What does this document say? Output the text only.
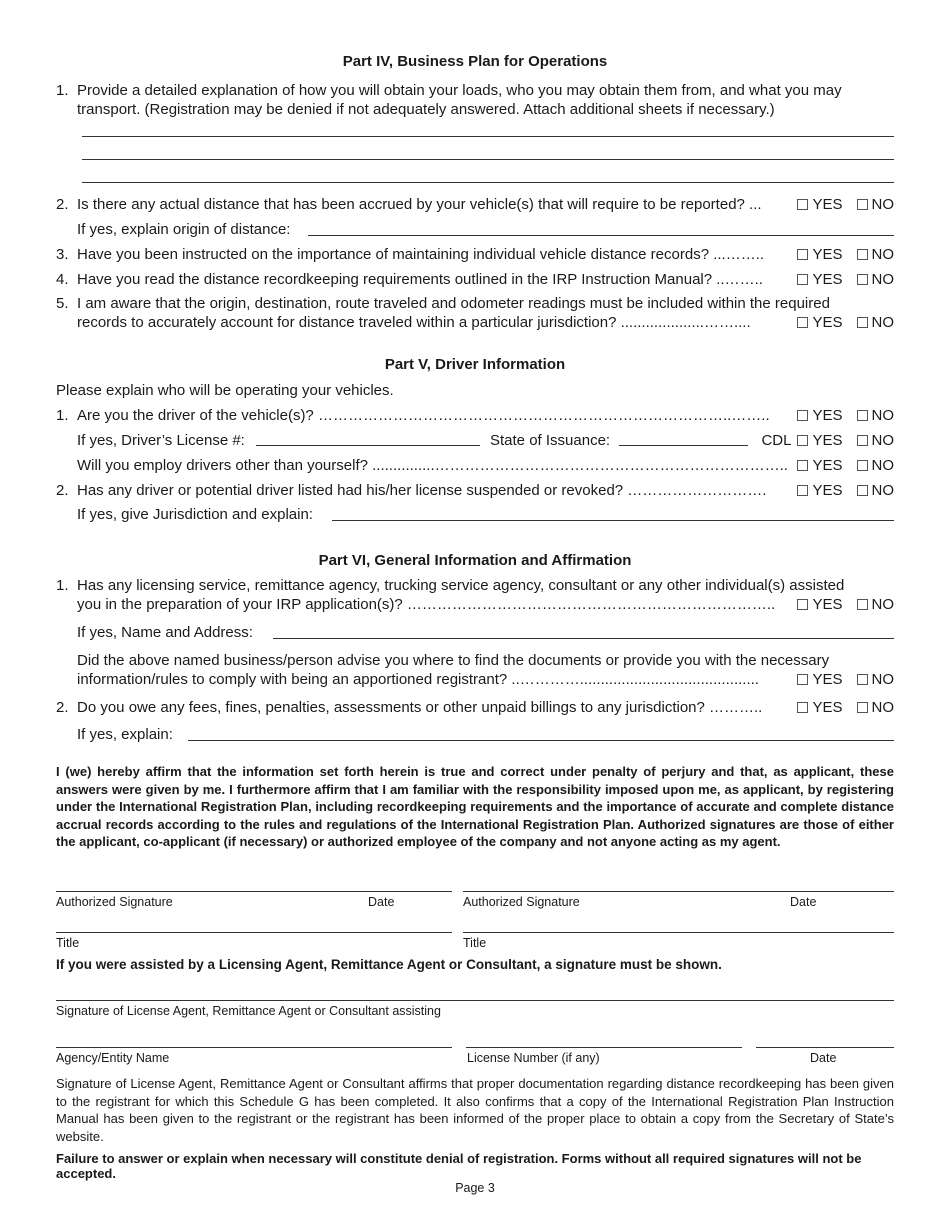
Part IV, Business Plan for Operations
1. Provide a detailed explanation of how you will obtain your loads, who you may obtain them from, and what you may transport. (Registration may be denied if not adequately answered. Attach additional sheets if necessary.)
2. Is there any actual distance that has been accrued by your vehicle(s) that will require to be reported? ...	YES NO
If yes, explain origin of distance:
3. Have you been instructed on the importance of maintaining individual vehicle distance records? ...……..	YES NO
4. Have you read the distance recordkeeping requirements outlined in the IRP Instruction Manual? ..……..	YES NO
5. I am aware that the origin, destination, route traveled and odometer readings must be included within the required
records to accurately account for distance traveled within a particular jurisdiction? ....................……....	YES NO
Part V, Driver Information
Please explain who will be operating your vehicles.
1. Are you the driver of the vehicle(s)? ………………………………………………………………………..……..	YES NO
If yes, Driver’s License #:	State of Issuance:	CDL YES NO
Will you employ drivers other than yourself? ...............……………………………………………………………..	YES NO
2. Has any driver or potential driver listed had his/her license suspended or revoked? ……………………….	YES NO
If yes, give Jurisdiction and explain:
Part VI, General Information and Affirmation
1. Has any licensing service, remittance agency, trucking service agency, consultant or any other individual(s) assisted
you in the preparation of your IRP application(s)? ………………………………………………………………..	YES NO
If yes, Name and Address:
Did the above named business/person advise you where to find the documents or provide you with the necessary
information/rules to comply with being an apportioned registrant? ..…………...........................................	YES NO
2. Do you owe any fees, fines, penalties, assessments or other unpaid billings to any jurisdiction? ………..	YES NO
If yes, explain:
I (we) hereby affirm that the information set forth herein is true and correct under penalty of perjury and that, as applicant, these answers were given by me. I furthermore affirm that I am familiar with the responsibility imposed upon me, as applicant, by registering under the International Registration Plan, including recordkeeping requirements and the importance of accurate and complete distance accrual records according to the rules and regulations of the International Registration Plan. Authorized signatures are those of either the applicant, co-applicant (if necessary) or authorized employee of the company and not anyone acting as my agent.
Authorized Signature	Date	Authorized Signature	Date
Title	Title
If you were assisted by a Licensing Agent, Remittance Agent or Consultant, a signature must be shown.
Signature of License Agent, Remittance Agent or Consultant assisting
Agency/Entity Name	License Number (if any)	Date
Signature of License Agent, Remittance Agent or Consultant affirms that proper documentation regarding distance recordkeeping has been given to the registrant for which this Schedule G has been completed. It also confirms that a copy of the International Registration Plan Instruction Manual has been given to the registrant or the registrant has been informed of the proper place to obtain a copy from the Secretary of State’s website.
Failure to answer or explain when necessary will constitute denial of registration. Forms without all required signatures will not be accepted.
Page 3
